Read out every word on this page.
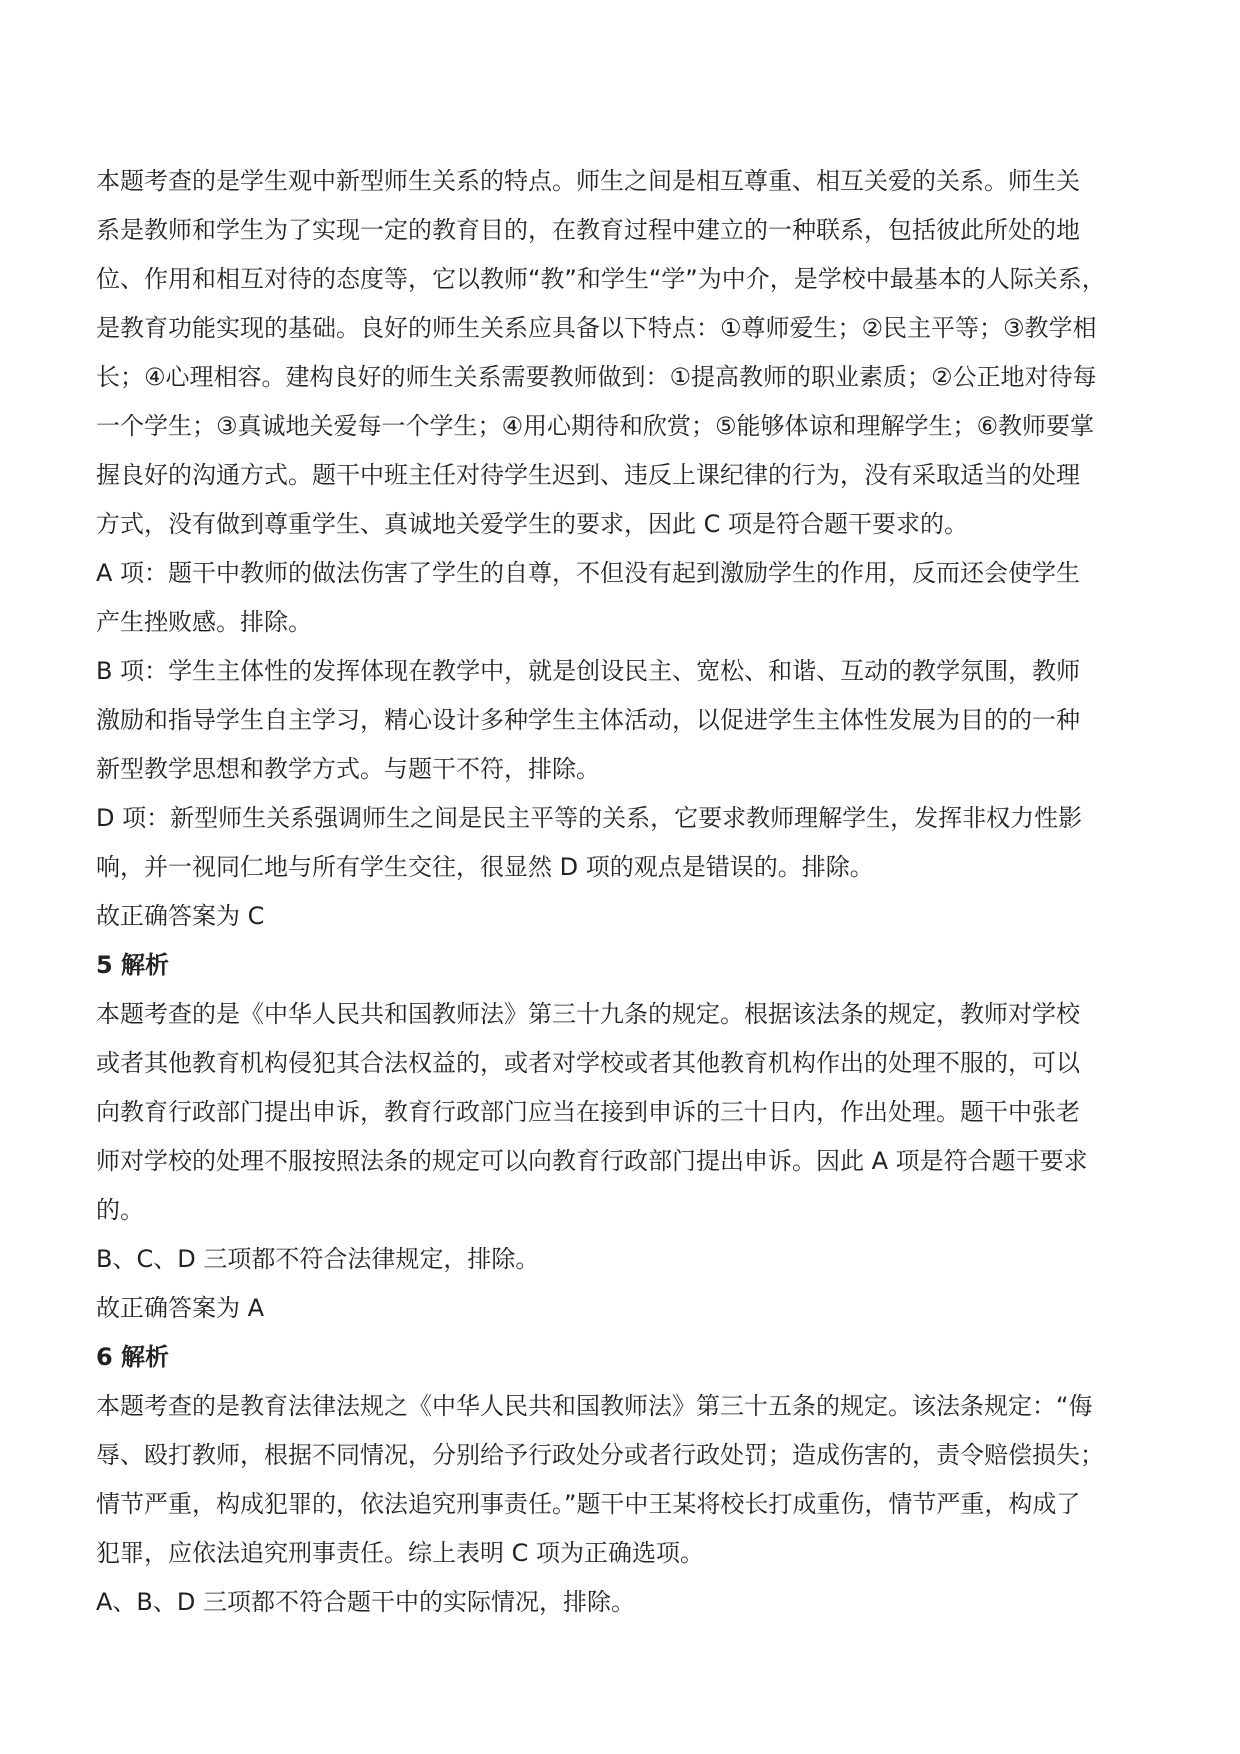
本题考查的是学生观中新型师生关系的特点。师生之间是相互尊重、相互关爱的关系。师生关
系是教师和学生为了实现一定的教育目的，在教育过程中建立的一种联系，包括彼此所处的地
位、作用和相互对待的态度等，它以教师“教”和学生“学”为中介，是学校中最基本的人际关系，
是教育功能实现的基础。良好的师生关系应具备以下特点：①尊师爱生；②民主平等；③教学相
长；④心理相容。建构良好的师生关系需要教师做到：①提高教师的职业素质；②公正地对待每
一个学生；③真诚地关爱每一个学生；④用心期待和欣赏；⑤能够体谅和理解学生；⑥教师要掌
握良好的沟通方式。题干中班主任对待学生迟到、违反上课纪律的行为，没有采取适当的处理
方式，没有做到尊重学生、真诚地关爱学生的要求，因此 C 项是符合题干要求的。
A 项：题干中教师的做法伤害了学生的自尊，不但没有起到激励学生的作用，反而还会使学生
产生挫败感。排除。
B 项：学生主体性的发挥体现在教学中，就是创设民主、宽松、和谐、互动的教学氛围，教师
激励和指导学生自主学习，精心设计多种学生主体活动，以促进学生主体性发展为目的的一种
新型教学思想和教学方式。与题干不符，排除。
D 项：新型师生关系强调师生之间是民主平等的关系，它要求教师理解学生，发挥非权力性影
响，并一视同仁地与所有学生交往，很显然 D 项的观点是错误的。排除。
故正确答案为 C
5 解析
本题考查的是《中华人民共和国教师法》第三十九条的规定。根据该法条的规定，教师对学校
或者其他教育机构侵犯其合法权益的，或者对学校或者其他教育机构作出的处理不服的，可以
向教育行政部门提出申诉，教育行政部门应当在接到申诉的三十日内，作出处理。题干中张老
师对学校的处理不服按照法条的规定可以向教育行政部门提出申诉。因此 A 项是符合题干要求
的。
B、C、D 三项都不符合法律规定，排除。
故正确答案为 A
6 解析
本题考查的是教育法律法规之《中华人民共和国教师法》第三十五条的规定。该法条规定：“侮
辱、殴打教师，根据不同情况，分别给予行政处分或者行政处罚；造成伤害的，责令赔偿损失；
情节严重，构成犯罪的，依法追究刑事责任。”题干中王某将校长打成重伤，情节严重，构成了
犯罪，应依法追究刑事责任。综上表明 C 项为正确选项。
A、B、D 三项都不符合题干中的实际情况，排除。
